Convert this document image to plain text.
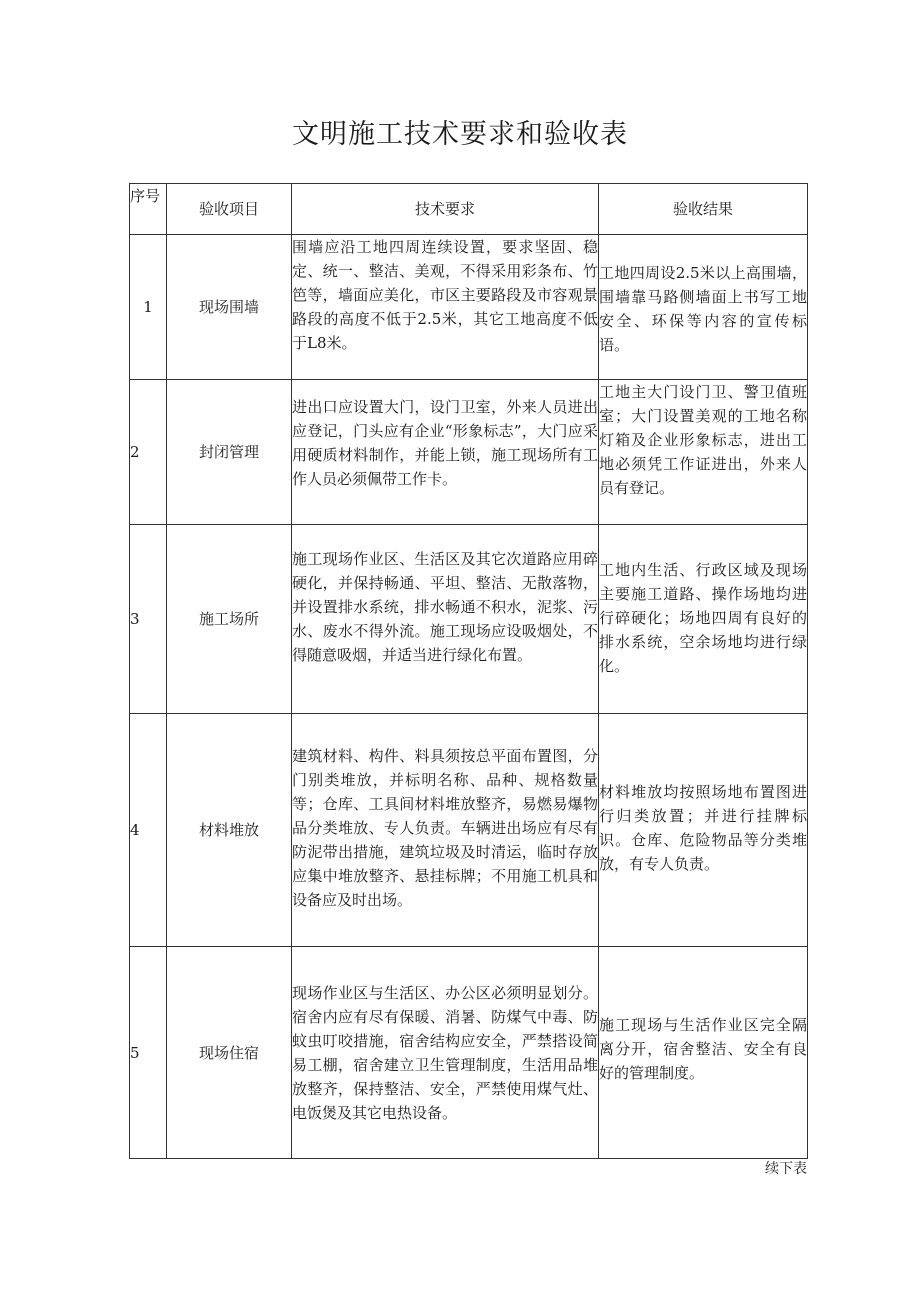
文明施工技术要求和验收表
序号	验收项目	技术要求	验收结果
1	现场围墙	围墙应沿工地四周连续设置，要求坚固、稳定、统一、整洁、美观，不得采用彩条布、竹笆等，墙面应美化，市区主要路段及市容观景路段的高度不低于2.5米，其它工地高度不低于L8米。	工地四周设2.5米以上高围墙，围墙靠马路侧墙面上书写工地安全、环保等内容的宣传标语。
2	封闭管理	进出口应设置大门，设门卫室，外来人员进出应登记，门头应有企业“形象标志”，大门应采用硬质材料制作，并能上锁，施工现场所有工作人员必须佩带工作卡。	工地主大门设门卫、警卫值班室；大门设置美观的工地名称灯箱及企业形象标志，进出工地必须凭工作证进出，外来人员有登记。
3	施工场所	施工现场作业区、生活区及其它次道路应用碎硬化，并保持畅通、平坦、整洁、无散落物，并设置排水系统，排水畅通不积水，泥浆、污水、废水不得外流。施工现场应设吸烟处，不得随意吸烟，并适当进行绿化布置。	工地内生活、行政区域及现场主要施工道路、操作场地均进行碎硬化；场地四周有良好的排水系统，空余场地均进行绿化。
4	材料堆放	建筑材料、构件、料具须按总平面布置图，分门别类堆放，并标明名称、品种、规格数量等；仓库、工具间材料堆放整齐，易燃易爆物品分类堆放、专人负责。车辆进出场应有尽有防泥带出措施，建筑垃圾及时清运，临时存放应集中堆放整齐、悬挂标牌；不用施工机具和设备应及时出场。	材料堆放均按照场地布置图进行归类放置；并进行挂牌标识。仓库、危险物品等分类堆放，有专人负责。
5	现场住宿	现场作业区与生活区、办公区必须明显划分。宿舍内应有尽有保暖、消暑、防煤气中毒、防蚊虫叮咬措施，宿舍结构应安全，严禁搭设简易工棚，宿舍建立卫生管理制度，生活用品堆放整齐，保持整洁、安全，严禁使用煤气灶、电饭煲及其它电热设备。	施工现场与生活作业区完全隔离分开，宿舍整洁、安全有良好的管理制度。
续下表
